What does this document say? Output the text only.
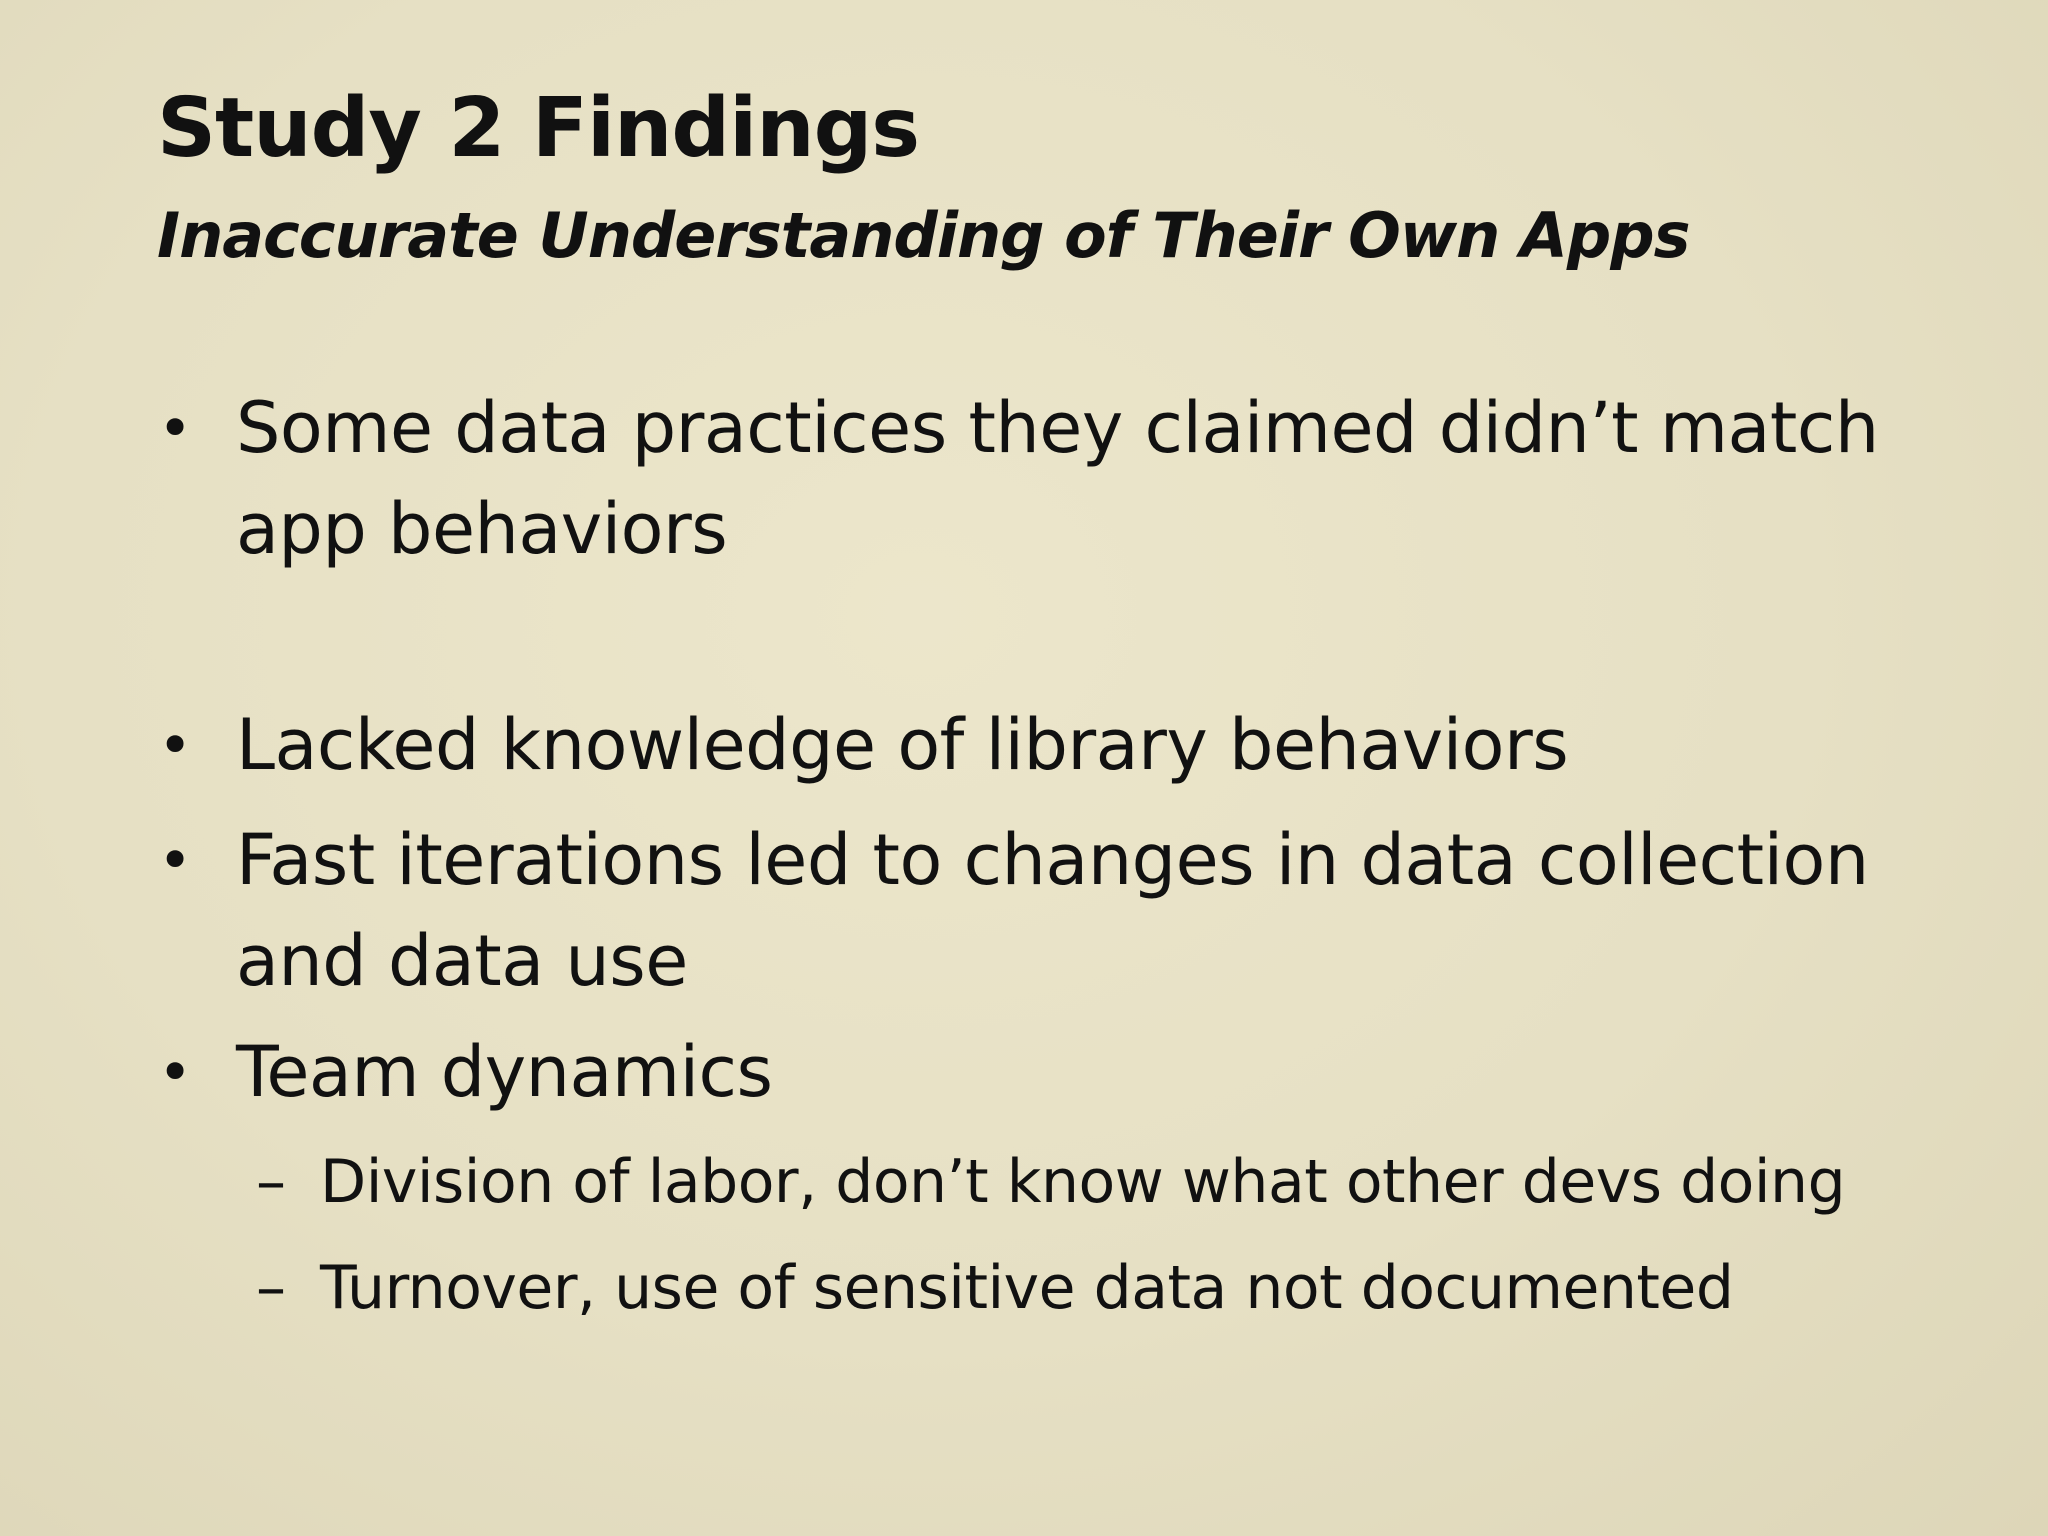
Study 2 Findings
Inaccurate Understanding of Their Own Apps
• Some data practices they claimed didn’t match app behaviors
• Lacked knowledge of library behaviors
• Fast iterations led to changes in data collection and data use
• Team dynamics
– Division of labor, don’t know what other devs doing
– Turnover, use of sensitive data not documented
